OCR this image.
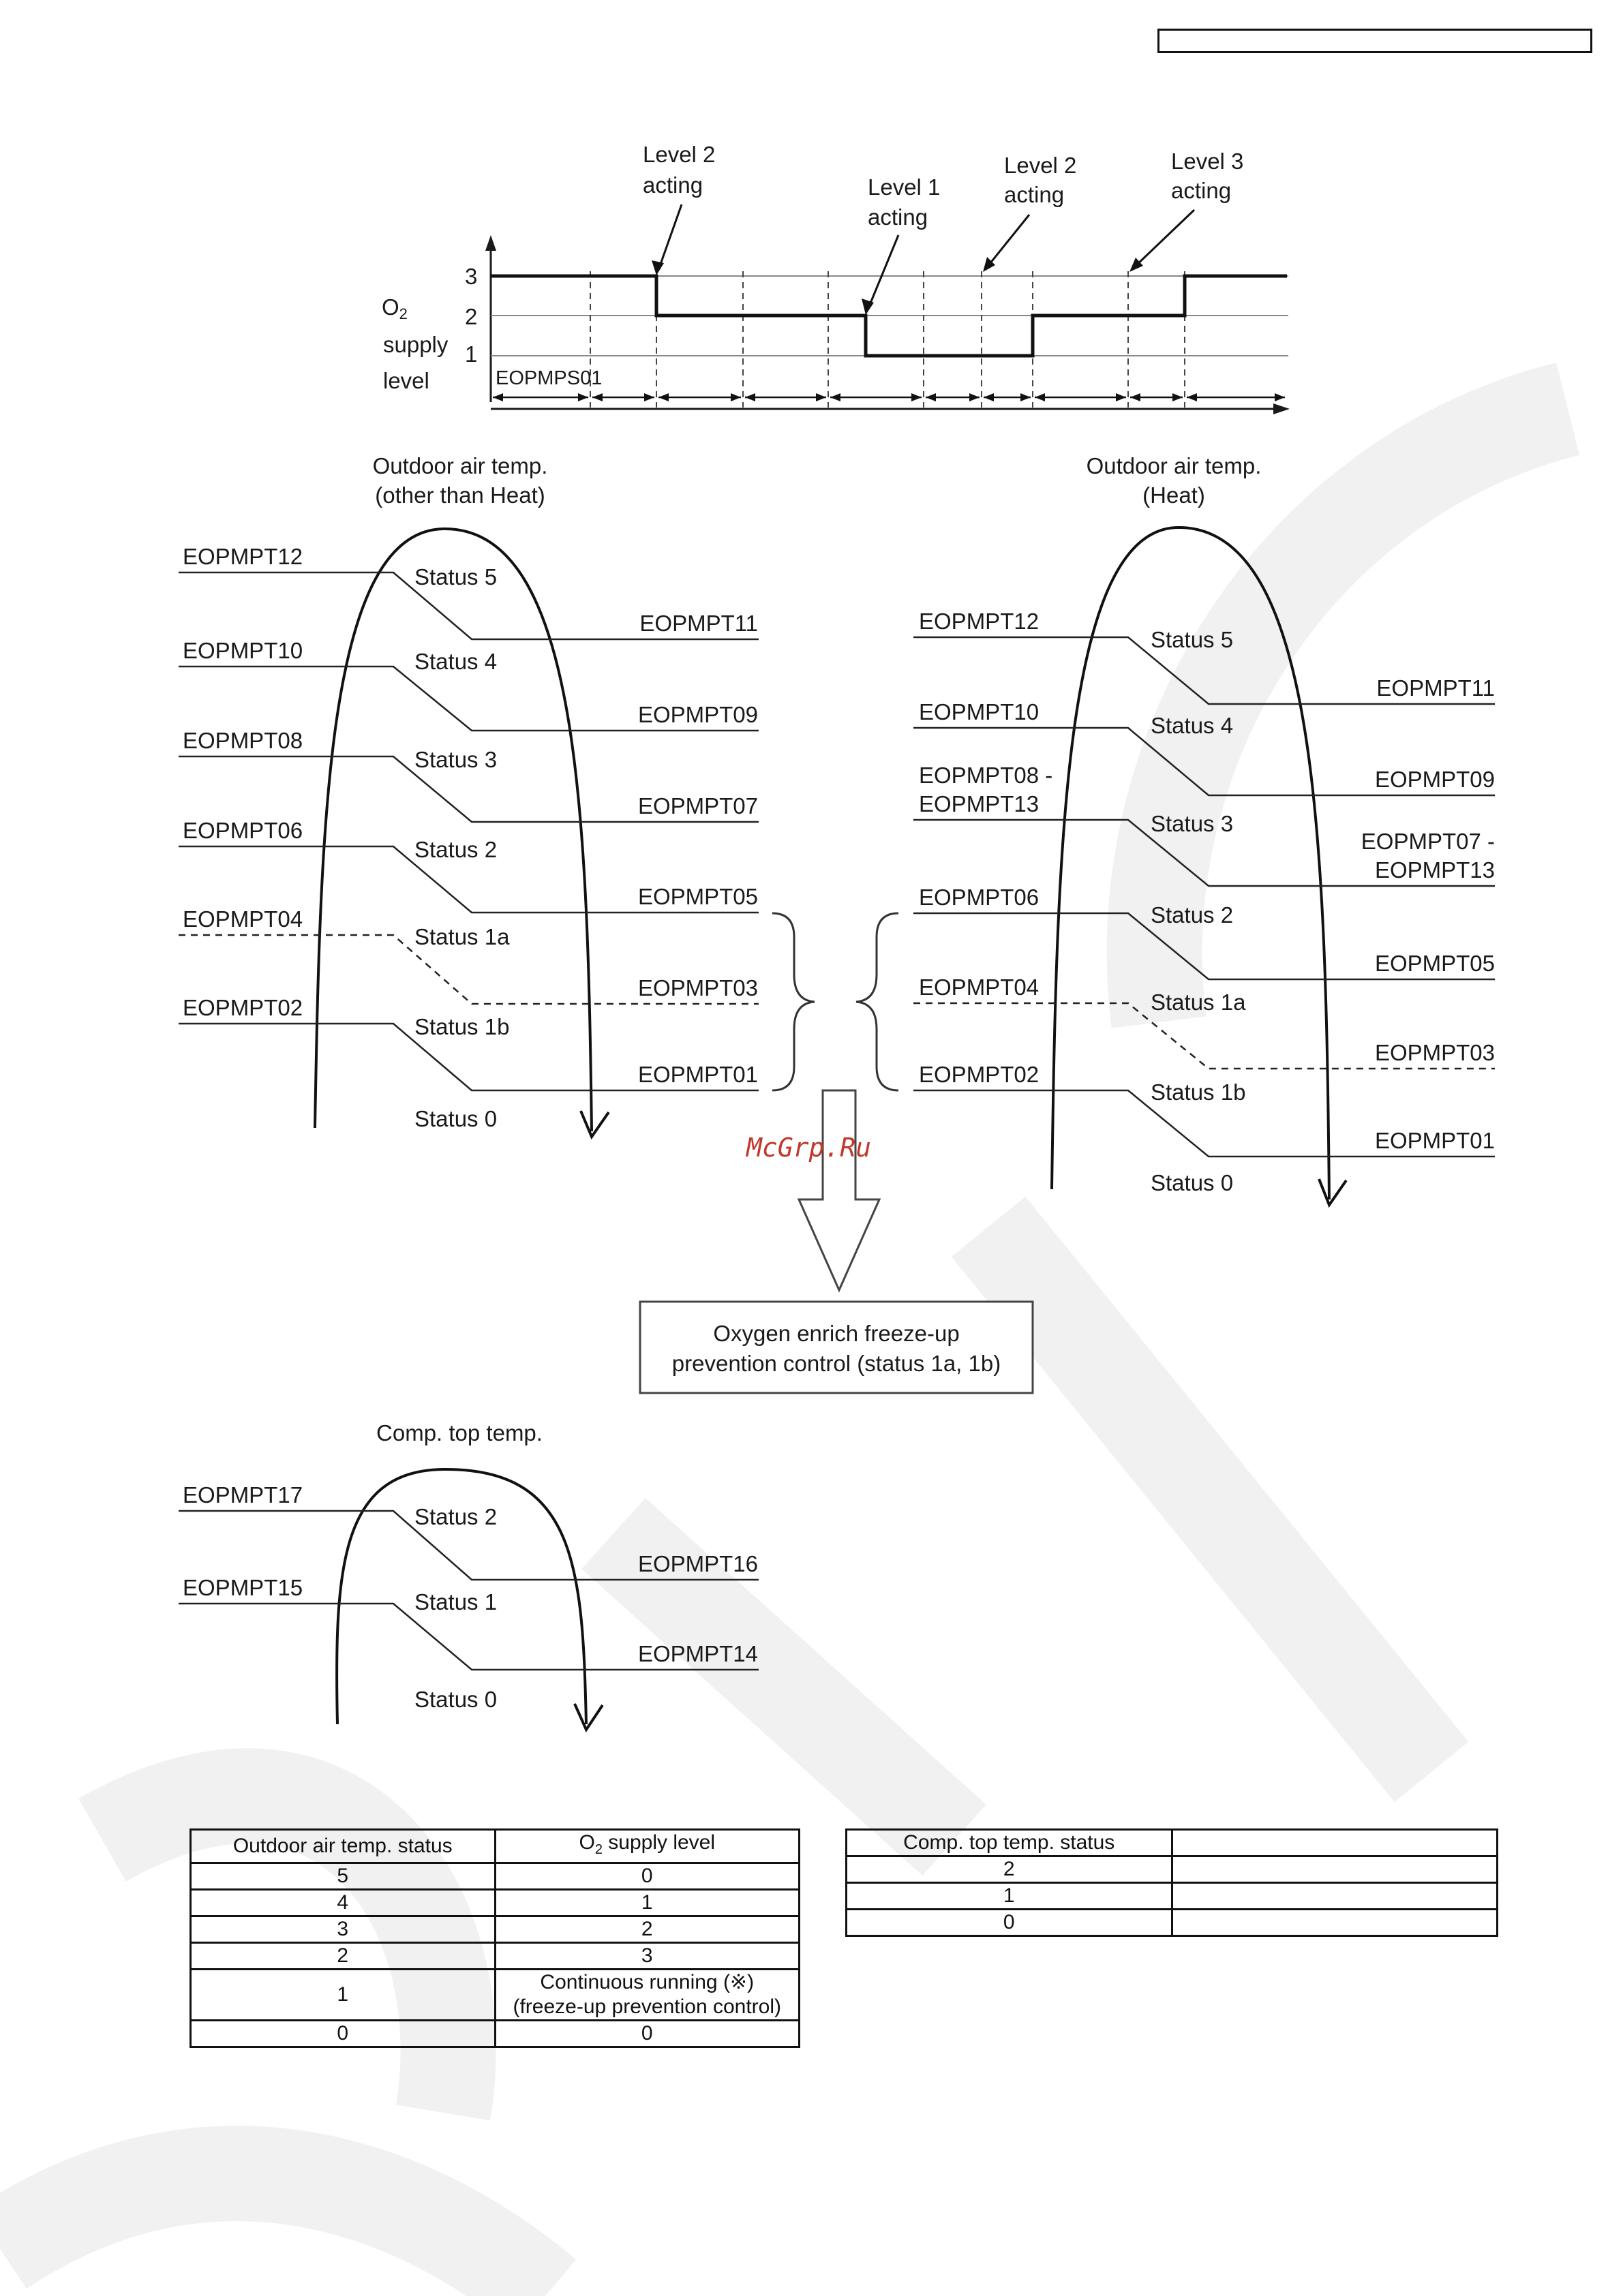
O2
supply
level
3
2
1
EOPMPS01
Level 2
acting	Level 1
acting
Level 2
acting
Level 3
acting
Outdoor air temp.
(other than Heat)
EOPMPT12
EOPMPT11
Status 5
EOPMPT10
EOPMPT09
Status 4
EOPMPT08
EOPMPT07
Status 3
EOPMPT06
EOPMPT05
Status 2
EOPMPT04
EOPMPT03
Status 1a
EOPMPT02
EOPMPT01
Status 1b
Status 0
Outdoor air temp.
(Heat)
EOPMPT12
EOPMPT11
Status 5
EOPMPT10
EOPMPT09
Status 4
EOPMPT08 -
EOPMPT13
EOPMPT07 -
EOPMPT13
Status 3
EOPMPT06
EOPMPT05
Status 2
EOPMPT04
EOPMPT03
Status 1a
EOPMPT02
EOPMPT01
Status 1b
Status 0
McGrp.Ru
Oxygen enrich freeze-up
prevention control (status 1a, 1b)
Comp. top temp.
EOPMPT17
EOPMPT16
Status 2
EOPMPT15
EOPMPT14
Status 1
Status 0
Outdoor air temp. status	$O_2$ supply level
5	0
4	1
3	2
2	3
1	Continuous running (※)
(freeze-up prevention control)

0	0
Comp. top temp. status	
2	
1	
0	
